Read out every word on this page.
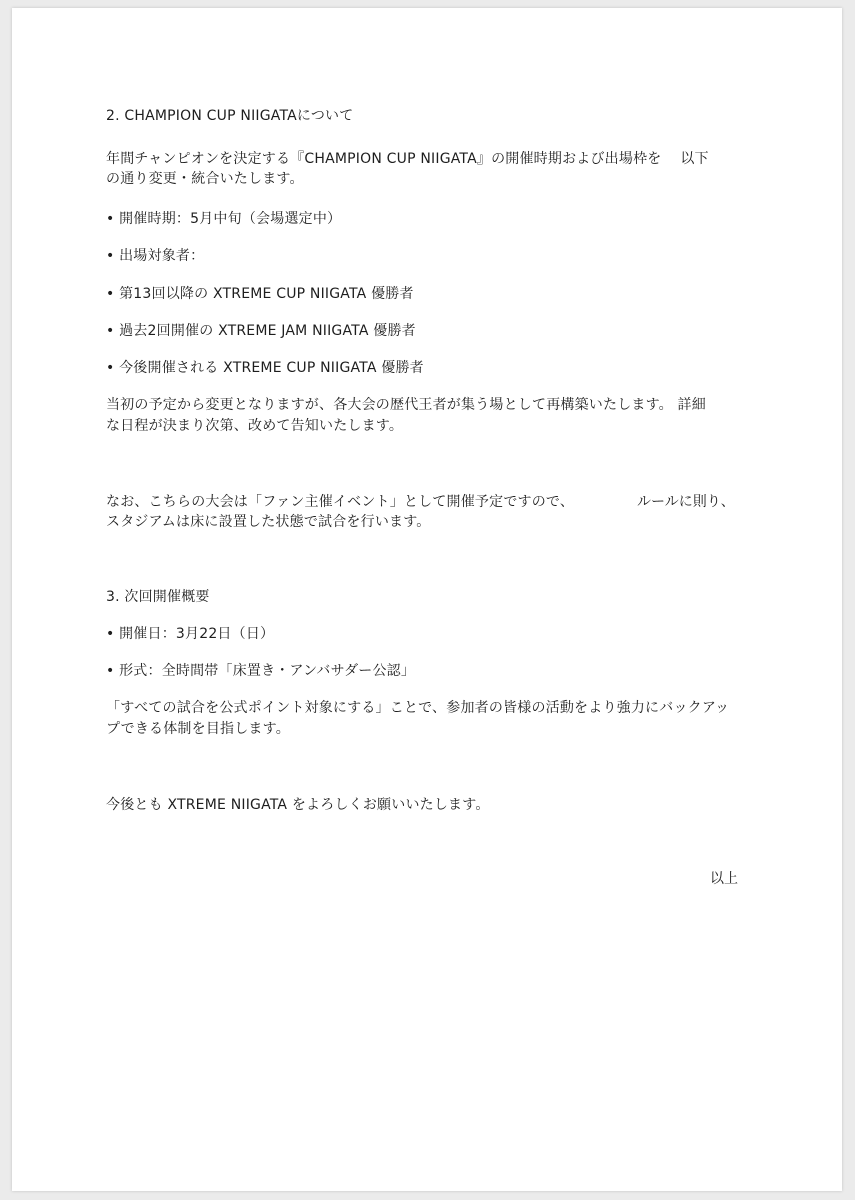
2. CHAMPION CUP NIIGATAについて
年間チャンピオンを決定する『CHAMPION CUP NIIGATA』の開催時期および出場枠を　 以下
の通り変更・統合いたします。
• 開催時期：5月中旬（会場選定中）
• 出場対象者：
• 第13回以降の XTREME CUP NIIGATA 優勝者
• 過去2回開催の XTREME JAM NIIGATA 優勝者
• 今後開催される XTREME CUP NIIGATA 優勝者
当初の予定から変更となりますが、各大会の歴代王者が集う場として再構築いたします。 詳細
な日程が決まり次第、改めて告知いたします。
なお、こちらの大会は「ファン主催イベント」として開催予定ですので、	ルールに則り、
スタジアムは床に設置した状態で試合を行います。
3. 次回開催概要
• 開催日：3月22日（日）
• 形式：全時間帯「床置き・アンバサダー公認」
「すべての試合を公式ポイント対象にする」ことで、参加者の皆様の活動をより強力にバックアッ
プできる体制を目指します。
今後とも XTREME NIIGATA をよろしくお願いいたします。
以上
